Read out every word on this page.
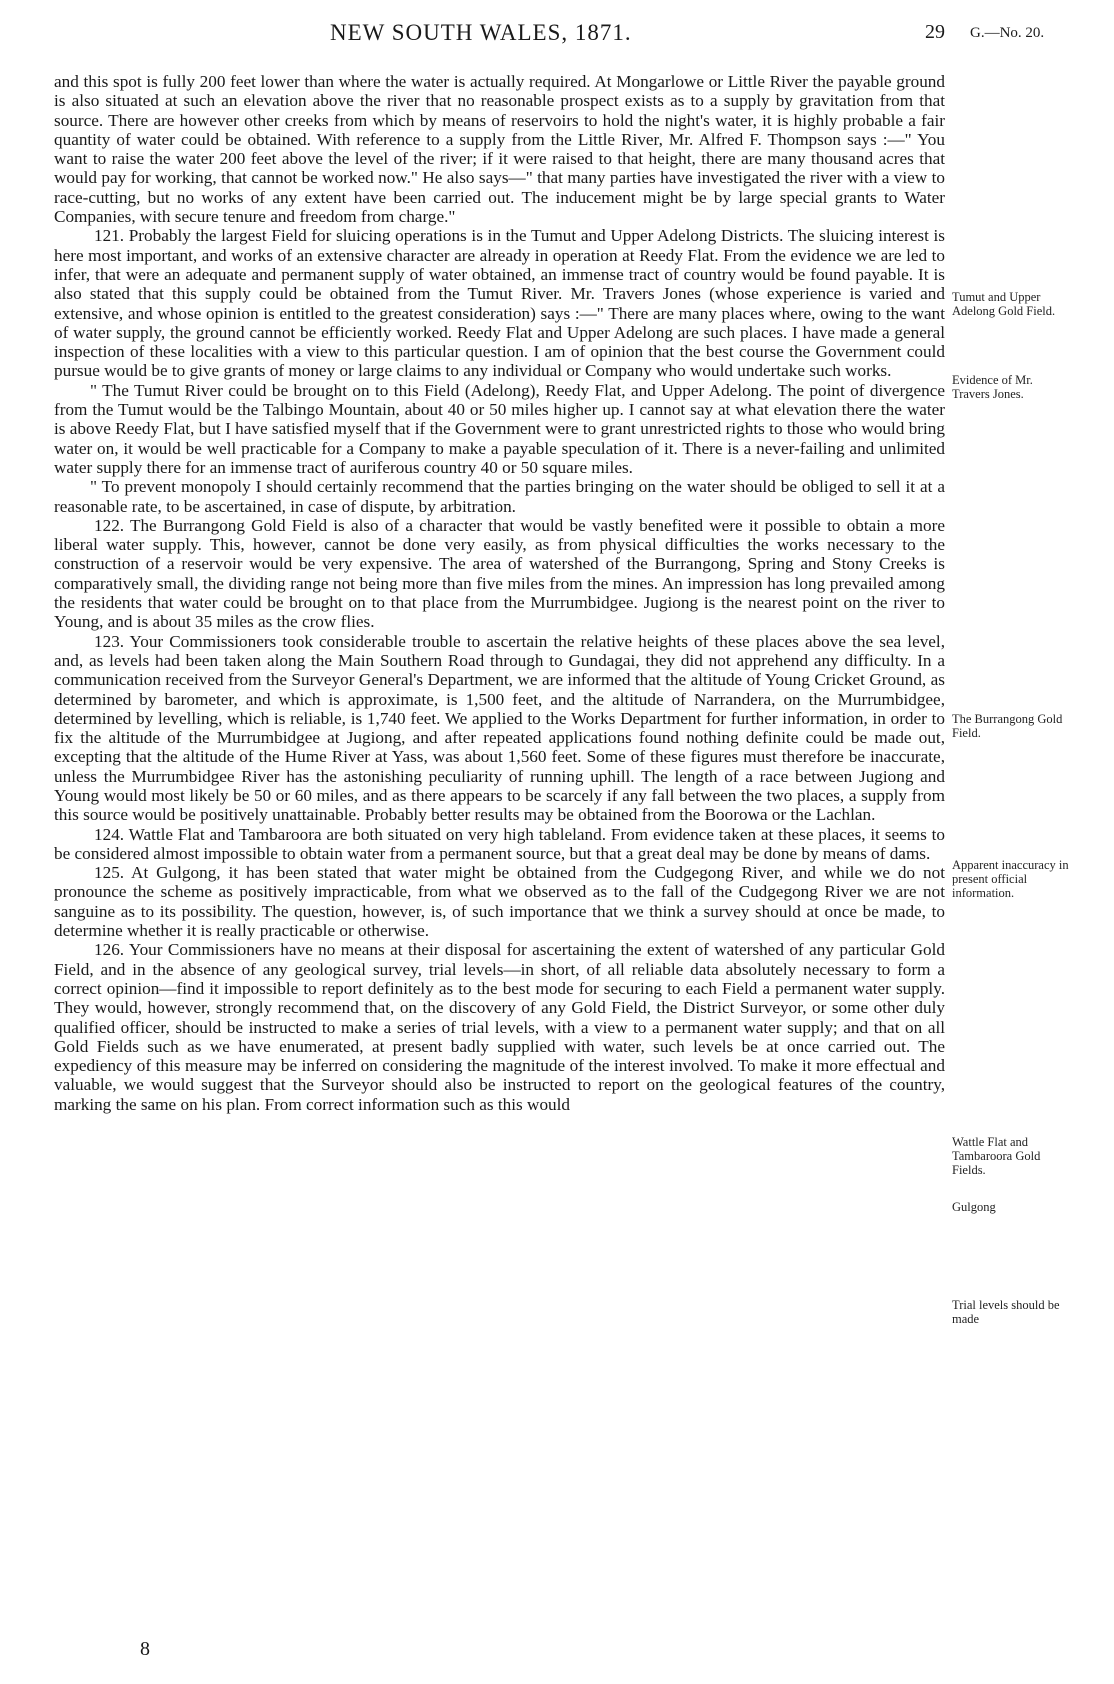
NEW SOUTH WALES, 1871.	29 G.—No. 20.

and this spot is fully 200 feet lower than where the water is actually required. At Mongarlowe or Little River the payable ground is also situated at such an elevation above the river that no reasonable prospect exists as to a supply by gravitation from that source. There are however other creeks from which by means of reservoirs to hold the night's water, it is highly probable a fair quantity of water could be obtained. With reference to a supply from the Little River, Mr. Alfred F. Thompson says :—" You want to raise the water 200 feet above the level of the river; if it were raised to that height, there are many thousand acres that would pay for working, that cannot be worked now." He also says—" that many parties have investigated the river with a view to race-cutting, but no works of any extent have been carried out. The inducement might be by large special grants to Water Companies, with secure tenure and freedom from charge."

121. Probably the largest Field for sluicing operations is in the Tumut and Upper Adelong Districts. The sluicing interest is here most important, and works of an extensive character are already in operation at Reedy Flat. From the evidence we are led to infer, that were an adequate and permanent supply of water obtained, an immense tract of country would be found payable. It is also stated that this supply could be obtained from the Tumut River. Mr. Travers Jones (whose experience is varied and extensive, and whose opinion is entitled to the greatest consideration) says :—" There are many places where, owing to the want of water supply, the ground cannot be efficiently worked. Reedy Flat and Upper Adelong are such places. I have made a general inspection of these localities with a view to this particular question. I am of opinion that the best course the Government could pursue would be to give grants of money or large claims to any individual or Company who would undertake such works.

" The Tumut River could be brought on to this Field (Adelong), Reedy Flat, and Upper Adelong. The point of divergence from the Tumut would be the Talbingo Mountain, about 40 or 50 miles higher up. I cannot say at what elevation there the water is above Reedy Flat, but I have satisfied myself that if the Government were to grant unrestricted rights to those who would bring water on, it would be well practicable for a Company to make a payable speculation of it. There is a never-failing and unlimited water supply there for an immense tract of auriferous country 40 or 50 square miles.

" To prevent monopoly I should certainly recommend that the parties bringing on the water should be obliged to sell it at a reasonable rate, to be ascertained, in case of dispute, by arbitration.

122. The Burrangong Gold Field is also of a character that would be vastly benefited were it possible to obtain a more liberal water supply. This, however, cannot be done very easily, as from physical difficulties the works necessary to the construction of a reservoir would be very expensive. The area of watershed of the Burrangong, Spring and Stony Creeks is comparatively small, the dividing range not being more than five miles from the mines. An impression has long prevailed among the residents that water could be brought on to that place from the Murrumbidgee. Jugiong is the nearest point on the river to Young, and is about 35 miles as the crow flies.

123. Your Commissioners took considerable trouble to ascertain the relative heights of these places above the sea level, and, as levels had been taken along the Main Southern Road through to Gundagai, they did not apprehend any difficulty. In a communication received from the Surveyor General's Department, we are informed that the altitude of Young Cricket Ground, as determined by barometer, and which is approximate, is 1,500 feet, and the altitude of Narrandera, on the Murrumbidgee, determined by levelling, which is reliable, is 1,740 feet. We applied to the Works Department for further information, in order to fix the altitude of the Murrumbidgee at Jugiong, and after repeated applications found nothing definite could be made out, excepting that the altitude of the Hume River at Yass, was about 1,560 feet. Some of these figures must therefore be inaccurate, unless the Murrumbidgee River has the astonishing peculiarity of running uphill. The length of a race between Jugiong and Young would most likely be 50 or 60 miles, and as there appears to be scarcely if any fall between the two places, a supply from this source would be positively unattainable. Probably better results may be obtained from the Boorowa or the Lachlan.

124. Wattle Flat and Tambaroora are both situated on very high tableland. From evidence taken at these places, it seems to be considered almost impossible to obtain water from a permanent source, but that a great deal may be done by means of dams.

125. At Gulgong, it has been stated that water might be obtained from the Cudgegong River, and while we do not pronounce the scheme as positively impracticable, from what we observed as to the fall of the Cudgegong River we are not sanguine as to its possibility. The question, however, is, of such importance that we think a survey should at once be made, to determine whether it is really practicable or otherwise.

126. Your Commissioners have no means at their disposal for ascertaining the extent of watershed of any particular Gold Field, and in the absence of any geological survey, trial levels—in short, of all reliable data absolutely necessary to form a correct opinion—find it impossible to report definitely as to the best mode for securing to each Field a permanent water supply. They would, however, strongly recommend that, on the discovery of any Gold Field, the District Surveyor, or some other duly qualified officer, should be instructed to make a series of trial levels, with a view to a permanent water supply; and that on all Gold Fields such as we have enumerated, at present badly supplied with water, such levels be at once carried out. The expediency of this measure may be inferred on considering the magnitude of the interest involved. To make it more effectual and valuable, we would suggest that the Surveyor should also be instructed to report on the geological features of the country, marking the same on his plan. From correct information such as this would

Tumut and Upper Adelong Gold Field.
Evidence of Mr. Travers Jones.
The Burrangong Gold Field.
Apparent inaccuracy in present official information.
Wattle Flat and Tambaroora Gold Fields.
Gulgong
Trial levels should be made
8
